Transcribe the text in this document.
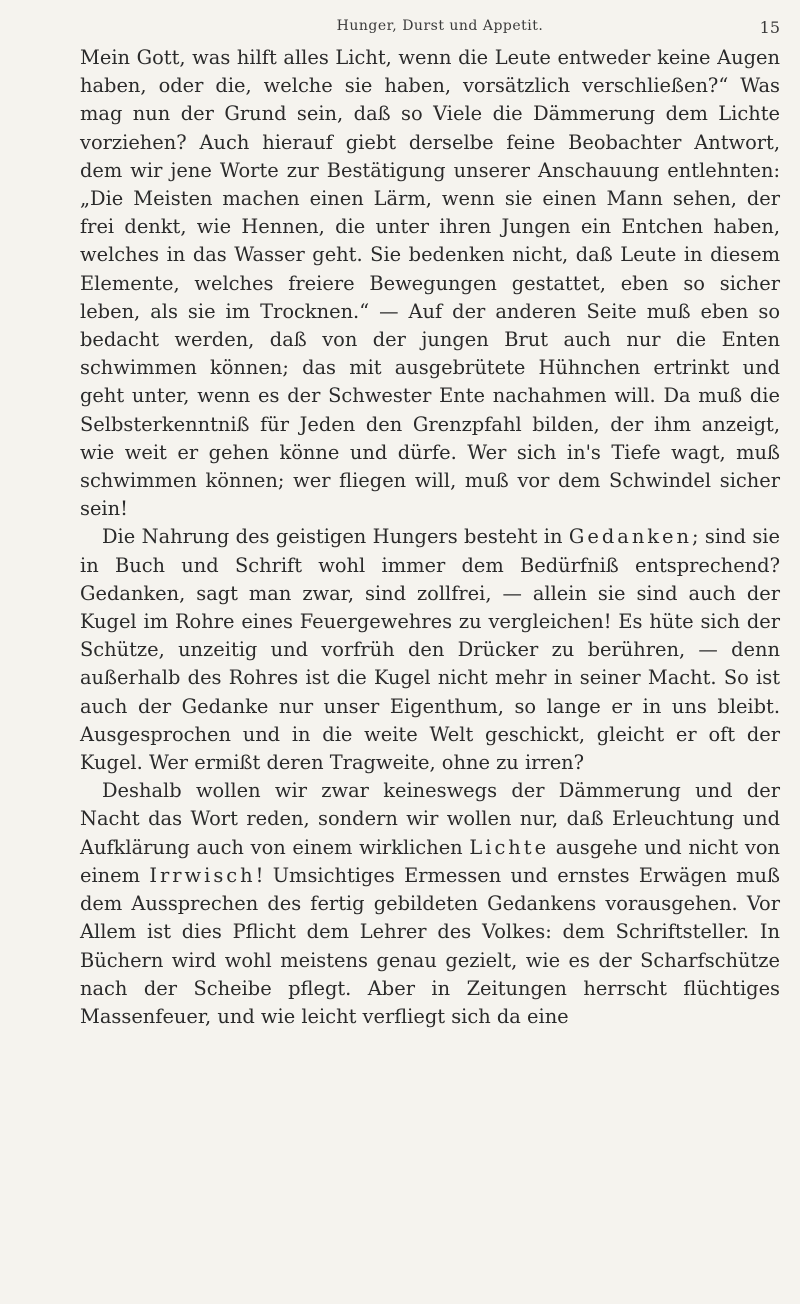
Hunger, Durst und Appetit.	15

Mein Gott, was hilft alles Licht, wenn die Leute entweder keine Augen haben, oder die, welche sie haben, vorsätzlich verschließen?“ Was mag nun der Grund sein, daß so Viele die Dämmerung dem Lichte vorziehen? Auch hierauf giebt derselbe feine Beobachter Antwort, dem wir jene Worte zur Bestätigung unserer Anschauung entlehnten: „Die Meisten machen einen Lärm, wenn sie einen Mann sehen, der frei denkt, wie Hennen, die unter ihren Jungen ein Entchen haben, welches in das Wasser geht. Sie bedenken nicht, daß Leute in diesem Elemente, welches freiere Bewegungen gestattet, eben so sicher leben, als sie im Trocknen.“ — Auf der anderen Seite muß eben so bedacht werden, daß von der jungen Brut auch nur die Enten schwimmen können; das mit ausgebrütete Hühnchen ertrinkt und geht unter, wenn es der Schwester Ente nachahmen will. Da muß die Selbsterkenntniß für Jeden den Grenzpfahl bilden, der ihm anzeigt, wie weit er gehen könne und dürfe. Wer sich in's Tiefe wagt, muß schwimmen können; wer fliegen will, muß vor dem Schwindel sicher sein!

Die Nahrung des geistigen Hungers besteht in Gedanken; sind sie in Buch und Schrift wohl immer dem Bedürfniß entsprechend? Gedanken, sagt man zwar, sind zollfrei, — allein sie sind auch der Kugel im Rohre eines Feuergewehres zu vergleichen! Es hüte sich der Schütze, unzeitig und vorfrüh den Drücker zu berühren, — denn außerhalb des Rohres ist die Kugel nicht mehr in seiner Macht. So ist auch der Gedanke nur unser Eigenthum, so lange er in uns bleibt. Ausgesprochen und in die weite Welt geschickt, gleicht er oft der Kugel. Wer ermißt deren Tragweite, ohne zu irren?

Deshalb wollen wir zwar keineswegs der Dämmerung und der Nacht das Wort reden, sondern wir wollen nur, daß Erleuchtung und Aufklärung auch von einem wirklichen Lichte ausgehe und nicht von einem Irrwisch! Umsichtiges Ermessen und ernstes Erwägen muß dem Aussprechen des fertig gebildeten Gedankens vorausgehen. Vor Allem ist dies Pflicht dem Lehrer des Volkes: dem Schriftsteller. In Büchern wird wohl meistens genau gezielt, wie es der Scharfschütze nach der Scheibe pflegt. Aber in Zeitungen herrscht flüchtiges Massenfeuer, und wie leicht verfliegt sich da eine
